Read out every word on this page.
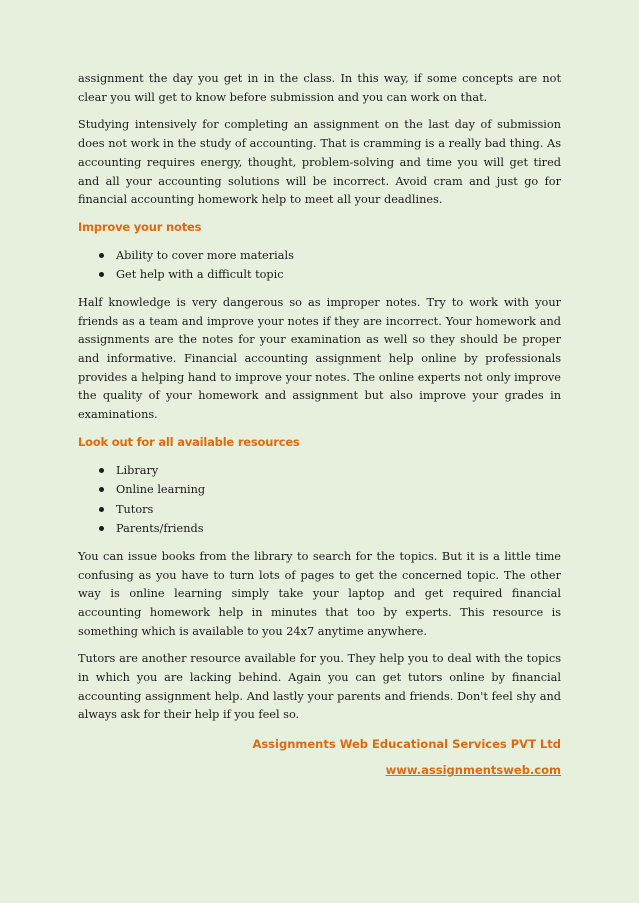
assignment the day you get in in the class. In this way, if some concepts are not clear you will get to know before submission and you can work on that.

Studying intensively for completing an assignment on the last day of submission does not work in the study of accounting. That is cramming is a really bad thing. As accounting requires energy, thought, problem-solving and time you will get tired and all your accounting solutions will be incorrect. Avoid cram and just go for financial accounting homework help to meet all your deadlines.

Improve your notes
Ability to cover more materials
Get help with a difficult topic

Half knowledge is very dangerous so as improper notes. Try to work with your friends as a team and improve your notes if they are incorrect. Your homework and assignments are the notes for your examination as well so they should be proper and informative. Financial accounting assignment help online by professionals provides a helping hand to improve your notes. The online experts not only improve the quality of your homework and assignment but also improve your grades in examinations.

Look out for all available resources
Library
Online learning
Tutors
Parents/friends

You can issue books from the library to search for the topics. But it is a little time confusing as you have to turn lots of pages to get the concerned topic. The other way is online learning simply take your laptop and get required financial accounting homework help in minutes that too by experts. This resource is something which is available to you 24x7 anytime anywhere.

Tutors are another resource available for you. They help you to deal with the topics in which you are lacking behind. Again you can get tutors online by financial accounting assignment help. And lastly your parents and friends. Don't feel shy and always ask for their help if you feel so.

Assignments Web Educational Services PVT Ltd
www.assignmentsweb.com
